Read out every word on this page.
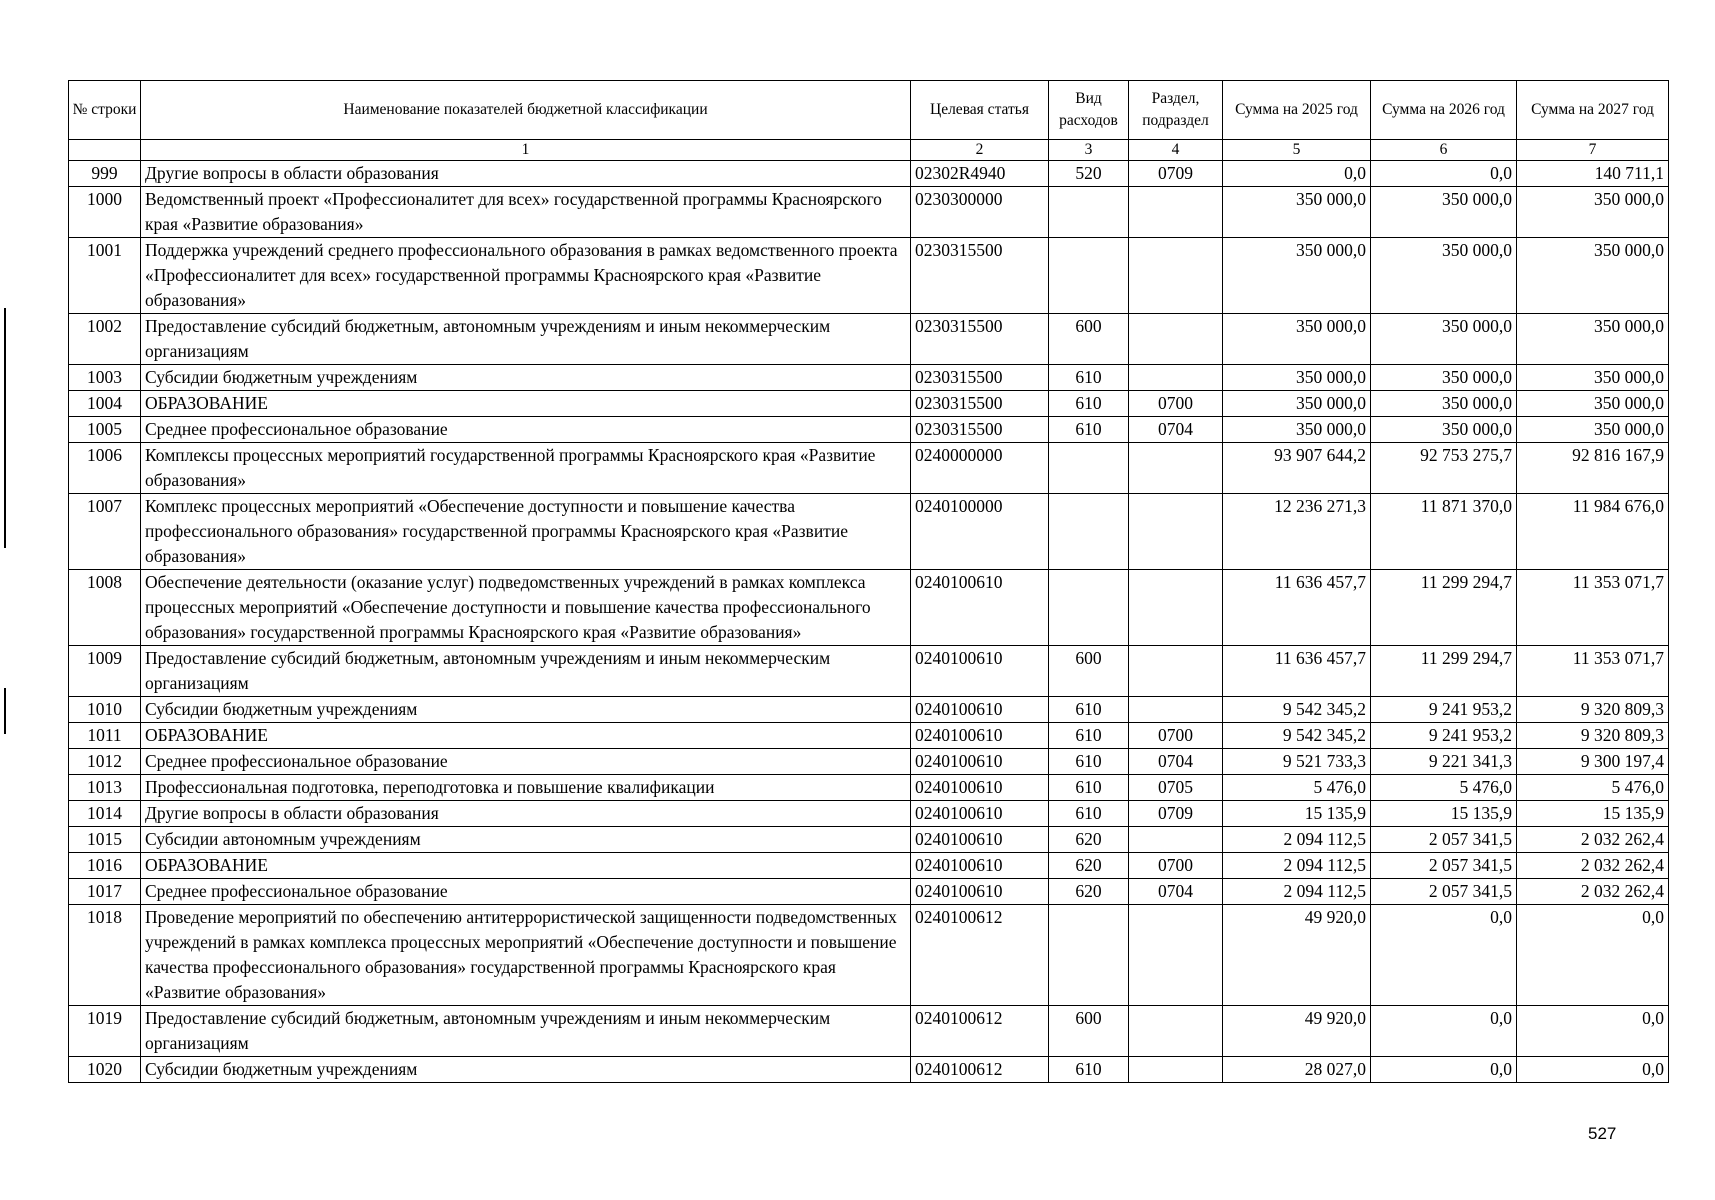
№ строки	Наименование показателей бюджетной классификации	Целевая статья	Вид расходов	Раздел, подраздел	Сумма на 2025 год	Сумма на 2026 год	Сумма на 2027 год
	1	2	3	4	5	6	7
999	Другие вопросы в области образования	02302R4940	520	0709	0,0	0,0	140 711,1
1000	Ведомственный проект «Профессионалитет для всех» государственной программы Красноярского края «Развитие образования»	0230300000			350 000,0	350 000,0	350 000,0
1001	Поддержка учреждений среднего профессионального образования в рамках ведомственного проекта «Профессионалитет для всех» государственной программы Красноярского края «Развитие образования»	0230315500			350 000,0	350 000,0	350 000,0
1002	Предоставление субсидий бюджетным, автономным учреждениям и иным некоммерческим организациям	0230315500	600		350 000,0	350 000,0	350 000,0
1003	Субсидии бюджетным учреждениям	0230315500	610		350 000,0	350 000,0	350 000,0
1004	ОБРАЗОВАНИЕ	0230315500	610	0700	350 000,0	350 000,0	350 000,0
1005	Среднее профессиональное образование	0230315500	610	0704	350 000,0	350 000,0	350 000,0
1006	Комплексы процессных мероприятий государственной программы Красноярского края «Развитие образования»	0240000000			93 907 644,2	92 753 275,7	92 816 167,9
1007	Комплекс процессных мероприятий «Обеспечение доступности и повышение качества профессионального образования» государственной программы Красноярского края «Развитие образования»	0240100000			12 236 271,3	11 871 370,0	11 984 676,0
1008	Обеспечение деятельности (оказание услуг) подведомственных учреждений в рамках комплекса процессных мероприятий «Обеспечение доступности и повышение качества профессионального образования» государственной программы Красноярского края «Развитие образования»	0240100610			11 636 457,7	11 299 294,7	11 353 071,7
1009	Предоставление субсидий бюджетным, автономным учреждениям и иным некоммерческим организациям	0240100610	600		11 636 457,7	11 299 294,7	11 353 071,7
1010	Субсидии бюджетным учреждениям	0240100610	610		9 542 345,2	9 241 953,2	9 320 809,3
1011	ОБРАЗОВАНИЕ	0240100610	610	0700	9 542 345,2	9 241 953,2	9 320 809,3
1012	Среднее профессиональное образование	0240100610	610	0704	9 521 733,3	9 221 341,3	9 300 197,4
1013	Профессиональная подготовка, переподготовка и повышение квалификации	0240100610	610	0705	5 476,0	5 476,0	5 476,0
1014	Другие вопросы в области образования	0240100610	610	0709	15 135,9	15 135,9	15 135,9
1015	Субсидии автономным учреждениям	0240100610	620		2 094 112,5	2 057 341,5	2 032 262,4
1016	ОБРАЗОВАНИЕ	0240100610	620	0700	2 094 112,5	2 057 341,5	2 032 262,4
1017	Среднее профессиональное образование	0240100610	620	0704	2 094 112,5	2 057 341,5	2 032 262,4
1018	Проведение мероприятий по обеспечению антитеррористической защищенности подведомственных учреждений в рамках комплекса процессных мероприятий «Обеспечение доступности и повышение качества профессионального образования» государственной программы Красноярского края «Развитие образования»	0240100612			49 920,0	0,0	0,0
1019	Предоставление субсидий бюджетным, автономным учреждениям и иным некоммерческим организациям	0240100612	600		49 920,0	0,0	0,0
1020	Субсидии бюджетным учреждениям	0240100612	610		28 027,0	0,0	0,0
527
